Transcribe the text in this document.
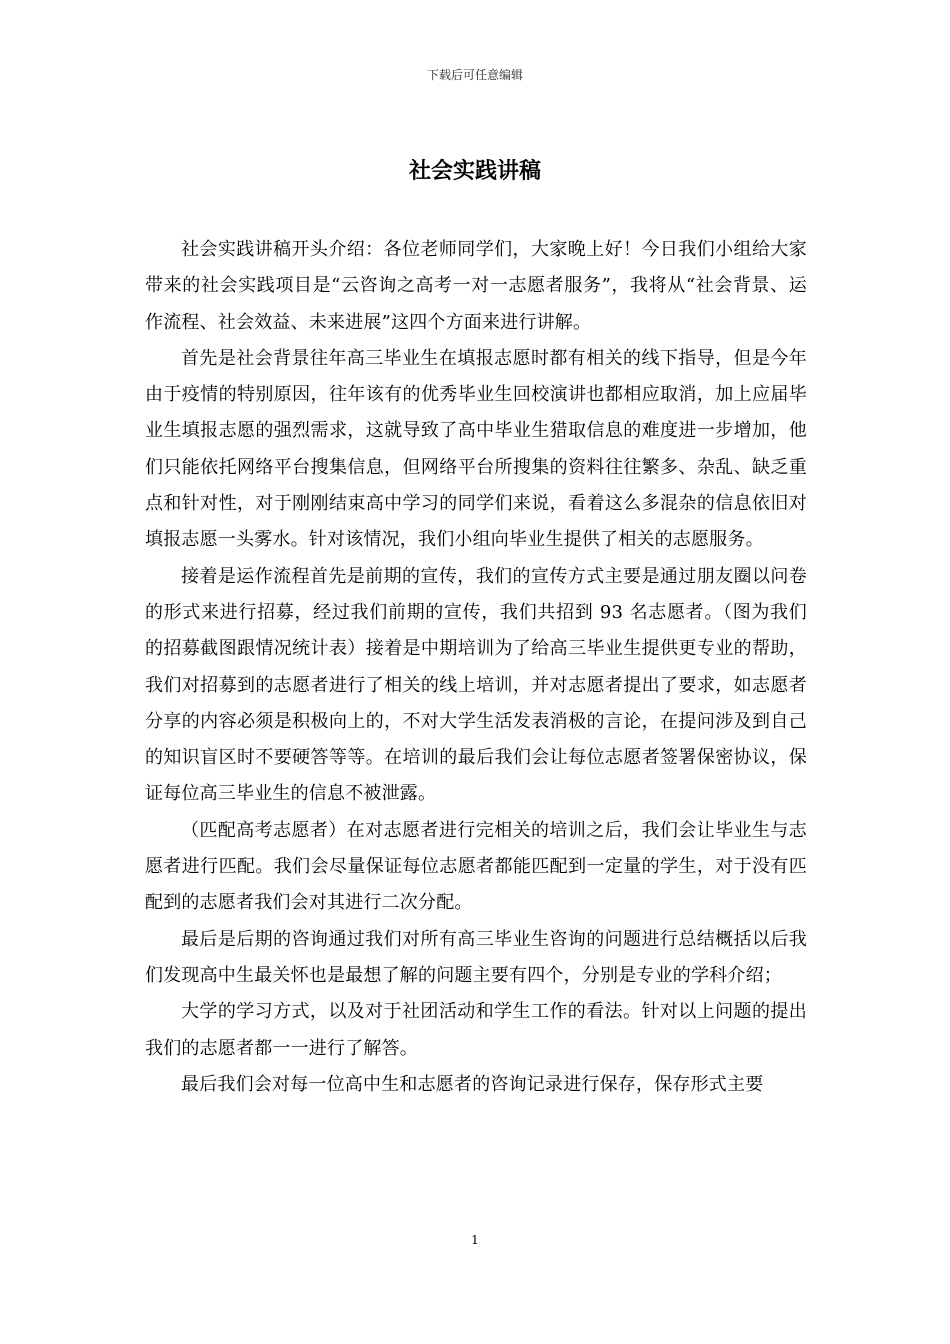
下载后可任意编辑
社会实践讲稿

社会实践讲稿开头介绍：各位老师同学们，大家晚上好！今日我们小组给大家带来的社会实践项目是“云咨询之高考一对一志愿者服务”，我将从“社会背景、运作流程、社会效益、未来进展”这四个方面来进行讲解。

首先是社会背景往年高三毕业生在填报志愿时都有相关的线下指导，但是今年由于疫情的特别原因，往年该有的优秀毕业生回校演讲也都相应取消，加上应届毕业生填报志愿的强烈需求，这就导致了高中毕业生猎取信息的难度进一步增加，他们只能依托网络平台搜集信息，但网络平台所搜集的资料往往繁多、杂乱、缺乏重点和针对性，对于刚刚结束高中学习的同学们来说，看着这么多混杂的信息依旧对填报志愿一头雾水。针对该情况，我们小组向毕业生提供了相关的志愿服务。

接着是运作流程首先是前期的宣传，我们的宣传方式主要是通过朋友圈以问卷的形式来进行招募，经过我们前期的宣传，我们共招到 93 名志愿者。（图为我们的招募截图跟情况统计表）接着是中期培训为了给高三毕业生提供更专业的帮助，我们对招募到的志愿者进行了相关的线上培训，并对志愿者提出了要求，如志愿者分享的内容必须是积极向上的，不对大学生活发表消极的言论，在提问涉及到自己的知识盲区时不要硬答等等。在培训的最后我们会让每位志愿者签署保密协议，保证每位高三毕业生的信息不被泄露。

（匹配高考志愿者）在对志愿者进行完相关的培训之后，我们会让毕业生与志愿者进行匹配。我们会尽量保证每位志愿者都能匹配到一定量的学生，对于没有匹配到的志愿者我们会对其进行二次分配。

最后是后期的咨询通过我们对所有高三毕业生咨询的问题进行总结概括以后我们发现高中生最关怀也是最想了解的问题主要有四个，分别是专业的学科介绍；

大学的学习方式，以及对于社团活动和学生工作的看法。针对以上问题的提出我们的志愿者都一一进行了解答。

最后我们会对每一位高中生和志愿者的咨询记录进行保存，保存形式主要

1
